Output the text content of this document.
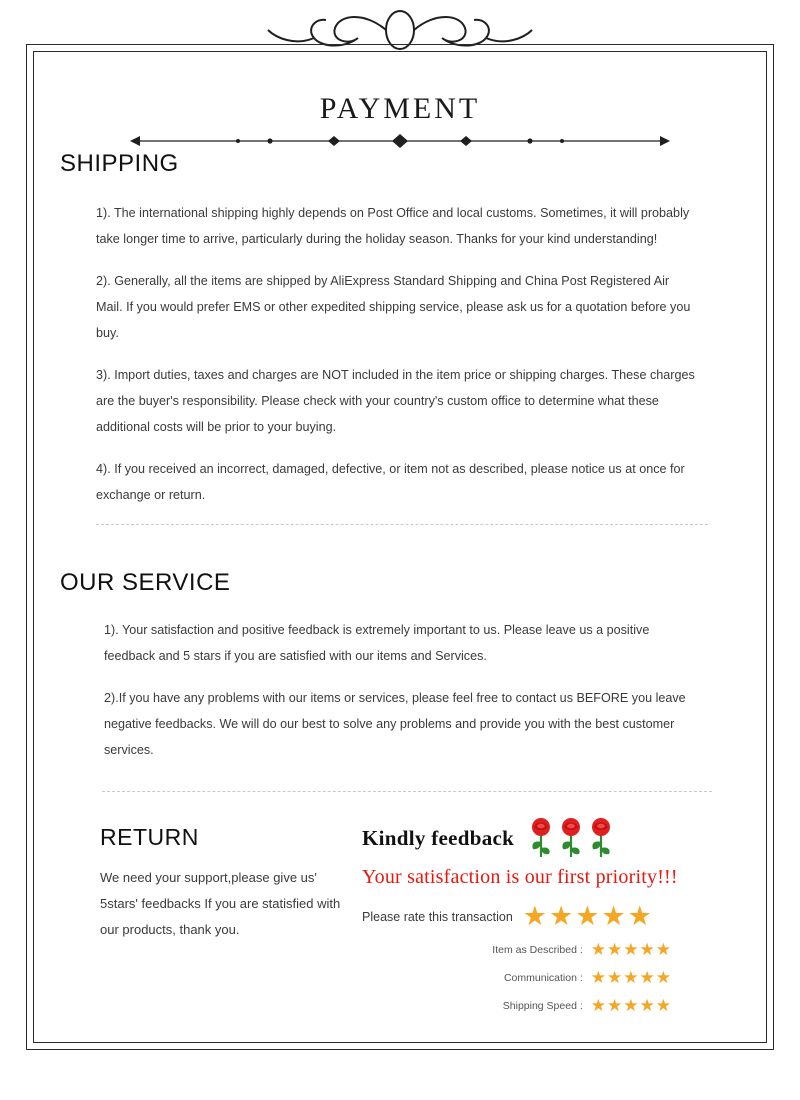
PAYMENT
SHIPPING

1). The international shipping highly depends on Post Office and local customs. Sometimes, it will probably take longer time to arrive, particularly during the holiday season. Thanks for your kind understanding!

2). Generally, all the items are shipped by AliExpress Standard Shipping and China Post Registered Air Mail. If you would prefer EMS or other expedited shipping service, please ask us for a quotation before you buy.

3). Import duties, taxes and charges are NOT included in the item price or shipping charges. These charges are the buyer's responsibility. Please check with your country's custom office to determine what these additional costs will be prior to your buying.

4). If you received an incorrect, damaged, defective, or item not as described, please notice us at once for exchange or return.

OUR SERVICE

1). Your satisfaction and positive feedback is extremely important to us. Please leave us a positive feedback and 5 stars if you are satisfied with our items and Services.

2).If you have any problems with our items or services, please feel free to contact us BEFORE you leave negative feedbacks. We will do our best to solve any problems and provide you with the best customer services.

RETURN

We need your support,please give us' 5stars' feedbacks If you are statisfied with our products, thank you.

Kindly feedback
Your satisfaction is our first priority!!!
Please rate this transaction ★★★★★
Item as Described : ★★★★★
Communication : ★★★★★
Shipping Speed : ★★★★★
